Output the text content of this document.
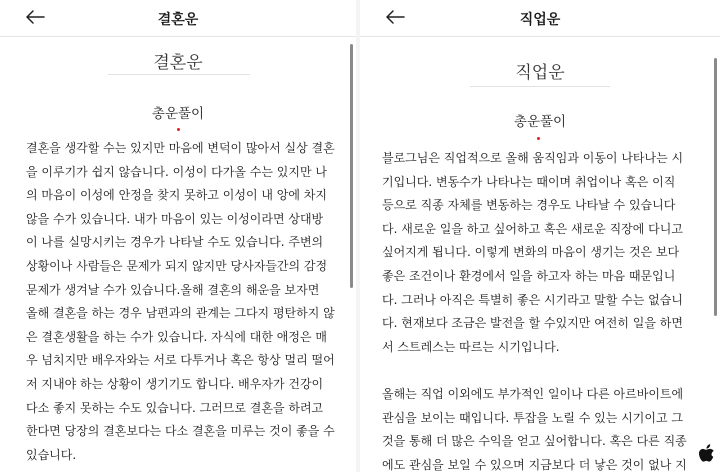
결혼운
결혼운
총운풀이
결혼을 생각할 수는 있지만 마음에 변덕이 많아서 실상 결혼
을 이루기가 쉽지 않습니다. 이성이 다가올 수는 있지만 나
의 마음이 이성에 안정을 찾지 못하고 이성이 내 앙에 차지
않을 수가 있습니다. 내가 마음이 있는 이성이라면 상대방
이 나를 실망시키는 경우가 나타날 수도 있습니다. 주변의
상황이나 사람들은 문제가 되지 않지만 당사자들간의 감정
문제가 생겨날 수가 있습니다.올해 결혼의 해운을 보자면
올해 결혼을 하는 경우 남편과의 관계는 그다지 평탄하지 않
은 결혼생활을 하는 수가 있습니다. 자식에 대한 애정은 매
우 넘치지만 배우자와는 서로 다투거나 혹은 항상 멀리 떨어
저 지내야 하는 상황이 생기기도 합니다. 배우자가 건강이
다소 좋지 못하는 수도 있습니다. 그러므로 결혼을 하려고
한다면 당장의 결혼보다는 다소 결혼을 미루는 것이 좋을 수
있습니다.
직업운
직업운
총운풀이
블로그님은 직업적으로 올해 움직임과 이동이 나타나는 시
기입니다. 변동수가 나타나는 때이며 취업이나 혹은 이직
등으로 직종 자체를 변동하는 경우도 나타날 수 있습니다
다. 새로운 일을 하고 싶어하고 혹은 새로운 직장에 다니고
싶어지게 됩니다. 이렇게 변화의 마음이 생기는 것은 보다
좋은 조건이나 환경에서 일을 하고자 하는 마음 때문입니
다. 그러나 아직은 특별히 좋은 시기라고 말할 수는 없습니
다. 현재보다 조금은 발전을 할 수있지만 여전히 일을 하면
서 스트레스는 따르는 시기입니다.
올해는 직업 이외에도 부가적인 일이나 다른 아르바이트에
관심을 보이는 때입니다. 투잡을 노릴 수 있는 시기이고 그
것을 통해 더 많은 수익을 얻고 싶어합니다. 혹은 다른 직종
에도 관심을 보일 수 있으며 지금보다 더 낳은 것이 없나 지
